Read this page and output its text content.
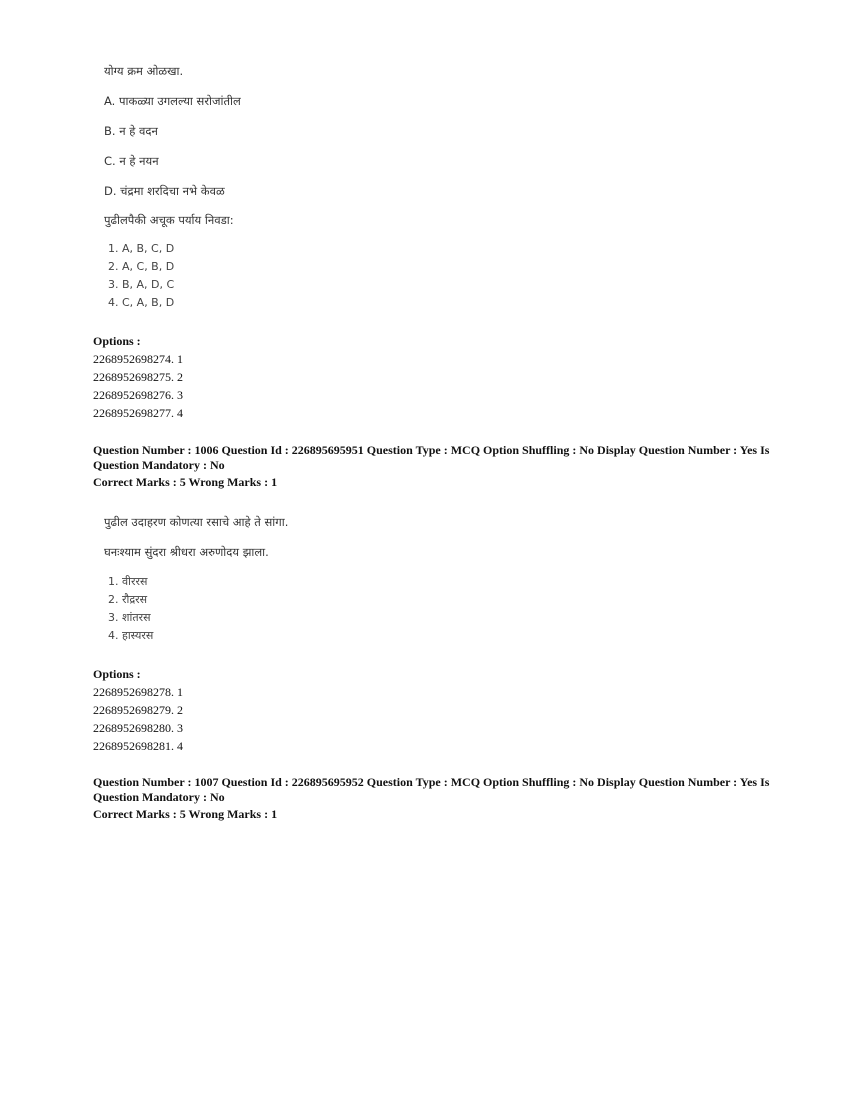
योग्य क्रम ओळखा.
A. पाकळ्या उगलल्या सरोजांतील
B. न हे वदन
C. न हे नयन
D. चंद्रमा शरदिचा नभे केवळ
पुढीलपैकी अचूक पर्याय निवडा:
1. A, B, C, D
2. A, C, B, D
3. B, A, D, C
4. C, A, B, D
Options :
2268952698274. 1
2268952698275. 2
2268952698276. 3
2268952698277. 4
Question Number : 1006 Question Id : 226895695951 Question Type : MCQ Option Shuffling : No Display Question Number : Yes Is
Question Mandatory : No
Correct Marks : 5 Wrong Marks : 1
पुढील उदाहरण कोणत्या रसाचे आहे ते सांगा.
घनःश्याम सुंदरा श्रीधरा अरुणोदय झाला.
1. वीररस
2. रौद्ररस
3. शांतरस
4. हास्यरस
Options :
2268952698278. 1
2268952698279. 2
2268952698280. 3
2268952698281. 4
Question Number : 1007 Question Id : 226895695952 Question Type : MCQ Option Shuffling : No Display Question Number : Yes Is
Question Mandatory : No
Correct Marks : 5 Wrong Marks : 1
